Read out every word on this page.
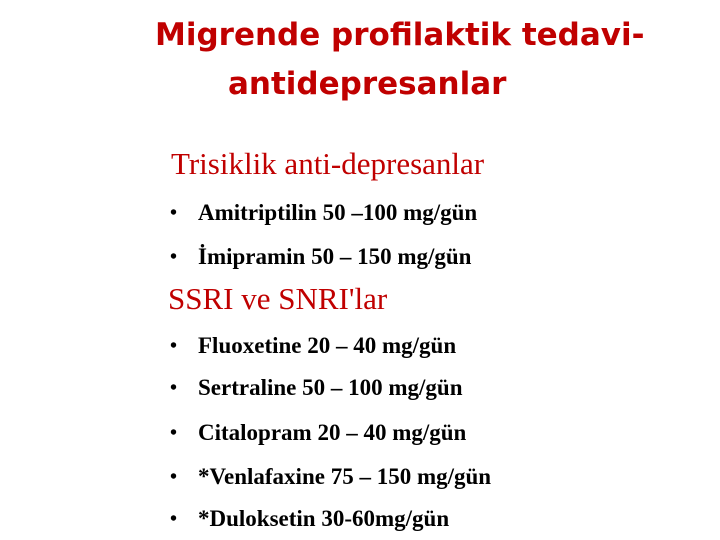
Migrende profilaktik tedavi-
antidepresanlar
Trisiklik anti-depresanlar
• Amitriptilin 50 –100 mg/gün
• İmipramin 50 – 150 mg/gün
SSRI ve SNRI'lar
• Fluoxetine 20 – 40 mg/gün
• Sertraline 50 – 100 mg/gün
• Citalopram 20 – 40 mg/gün
• *Venlafaxine 75 – 150 mg/gün
• *Duloksetin 30-60mg/gün
